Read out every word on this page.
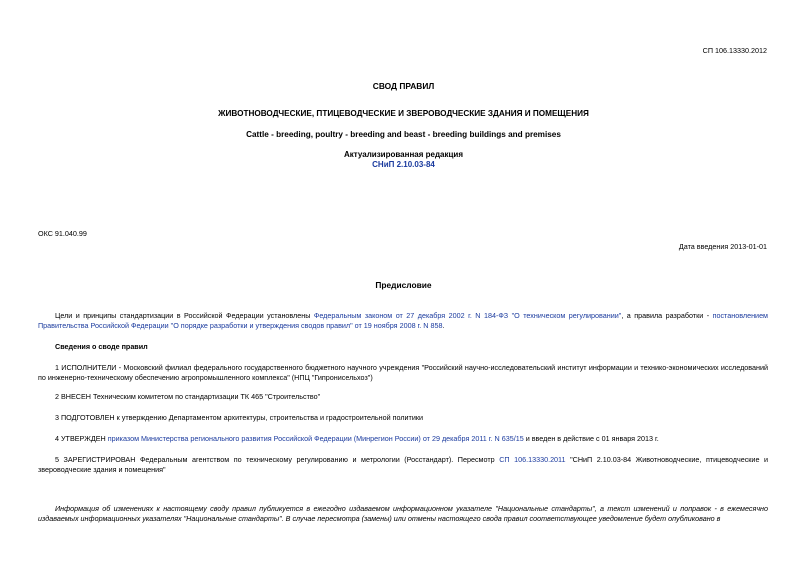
СП 106.13330.2012
СВОД ПРАВИЛ
ЖИВОТНОВОДЧЕСКИЕ, ПТИЦЕВОДЧЕСКИЕ И ЗВЕРОВОДЧЕСКИЕ ЗДАНИЯ И ПОМЕЩЕНИЯ
Cattle - breeding, poultry - breeding and beast - breeding buildings and premises
Актуализированная редакция
СНиП 2.10.03-84
ОКС 91.040.99
Дата введения 2013-01-01
Предисловие
Цели и принципы стандартизации в Российской Федерации установлены Федеральным законом от 27 декабря 2002 г. N 184-ФЗ "О техническом регулировании", а правила разработки - постановлением Правительства Российской Федерации "О порядке разработки и утверждения сводов правил" от 19 ноября 2008 г. N 858.
Сведения о своде правил
1 ИСПОЛНИТЕЛИ - Московский филиал федерального государственного бюджетного научного учреждения "Российский научно-исследовательский институт информации и технико-экономических исследований по инженерно-техническому обеспечению агропромышленного комплекса" (НПЦ "Гипронисельхоз")
2 ВНЕСЕН Техническим комитетом по стандартизации ТК 465 "Строительство"
3 ПОДГОТОВЛЕН к утверждению Департаментом архитектуры, строительства и градостроительной политики
4 УТВЕРЖДЕН приказом Министерства регионального развития Российской Федерации (Минрегион России) от 29 декабря 2011 г. N 635/15 и введен в действие с 01 января 2013 г.
5 ЗАРЕГИСТРИРОВАН Федеральным агентством по техническому регулированию и метрологии (Росстандарт). Пересмотр СП 106.13330.2011 "СНиП 2.10.03-84 Животноводческие, птицеводческие и звероводческие здания и помещения"
Информация об изменениях к настоящему своду правил публикуется в ежегодно издаваемом информационном указателе "Национальные стандарты", а текст изменений и поправок - в ежемесячно издаваемых информационных указателях "Национальные стандарты". В случае пересмотра (замены) или отмены настоящего свода правил соответствующее уведомление будет опубликовано в
